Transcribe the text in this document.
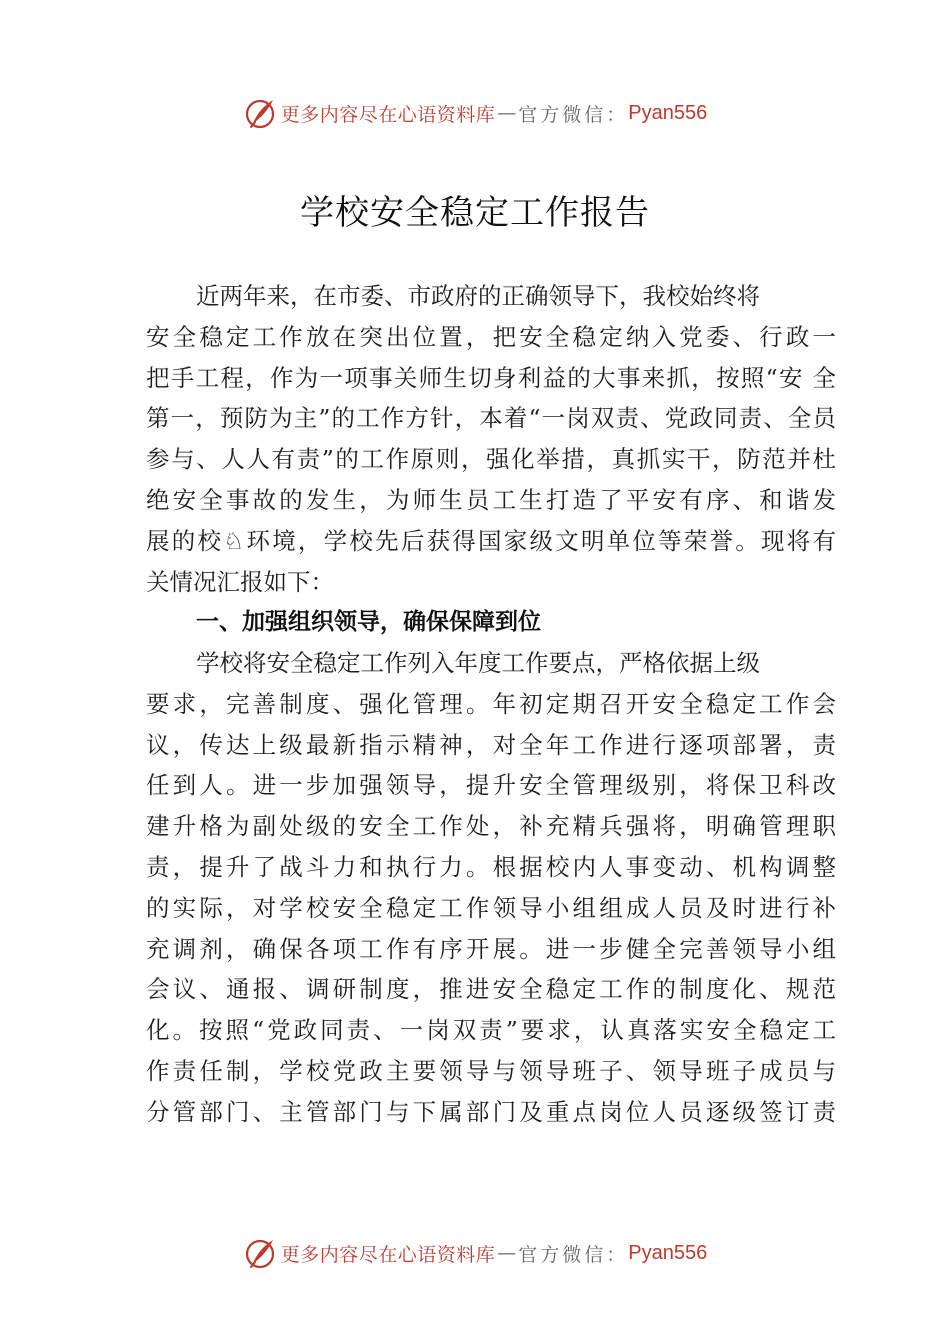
更多内容尽在心语资料库 — 官方微信： Pyan556
学校安全稳定工作报告
近两年来，在市委、市政府的正确领导下，我校始终将
安全稳定工作放在突出位置，把安全稳定纳入党委、行政一
把手工程，作为一项事关师生切身利益的大事来抓，按照“安 全
第一，预防为主”的工作方针，本着“一岗双责、党政同责、全员
参与、人人有责”的工作原则，强化举措，真抓实干，防范并杜
绝安全事故的发生，为师生员工生打造了平安有序、和谐发
展的校♘环境，学校先后获得国家级文明单位等荣誉。现将有
关情况汇报如下：
一、加强组织领导，确保保障到位
学校将安全稳定工作列入年度工作要点，严格依据上级
要求，完善制度、强化管理。年初定期召开安全稳定工作会
议，传达上级最新指示精神，对全年工作进行逐项部署，责
任到人。进一步加强领导，提升安全管理级别，将保卫科改
建升格为副处级的安全工作处，补充精兵强将，明确管理职
责，提升了战斗力和执行力。根据校内人事变动、机构调整
的实际，对学校安全稳定工作领导小组组成人员及时进行补
充调剂，确保各项工作有序开展。进一步健全完善领导小组
会议、通报、调研制度，推进安全稳定工作的制度化、规范
化。按照“党政同责、一岗双责”要求，认真落实安全稳定工
作责任制，学校党政主要领导与领导班子、领导班子成员与
分管部门、主管部门与下属部门及重点岗位人员逐级签订责
更多内容尽在心语资料库 — 官方微信： Pyan556
